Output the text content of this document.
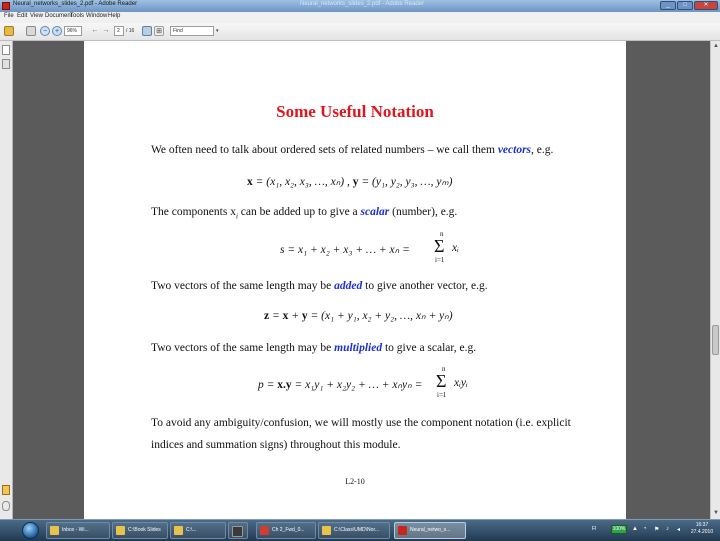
Neural_networks_slides_2.pdf - Adobe Reader	Neural_networks_slides_2.pdf - Adobe Reader	_	□	✕
File Edit View Document
Tools Window Help
−	+	96%	← →	2	/ 16	⊞	Find	▾
Some Useful Notation
We often need to talk about ordered sets of related numbers – we call them vectors, e.g.
x = (x₁, x₂, x₃, …, xₙ) , y = (y₁, y₂, y₃, …, yₘ)
The components $x_i$ can be added up to give a scalar (number), e.g.
s = x₁ + x₂ + x₃ + … + xₙ =
n
Σ
i=1
xᵢ
Two vectors of the same length may be added to give another vector, e.g.
z = x + y = (x₁ + y₁, x₂ + y₂, …, xₙ + yₙ)
Two vectors of the same length may be multiplied to give a scalar, e.g.
p = x.y = x₁y₁ + x₂y₂ + … + xₙyₙ =
n
Σ
i=1
xᵢyᵢ
To avoid any ambiguity/confusion, we will mostly use the component notation (i.e. explicit
indices and summation signs) throughout this module.
L2-10
▲
▼
Inbox - Wi...	C:\Book Slides	C:\...	Ch 2_Fwd_0...	C:\Class\UMD\Nor...	Neural_netwo_s...	FI	100% ▲ ◔ ⚑ ♪ ◂
16:37
27.4.2010
